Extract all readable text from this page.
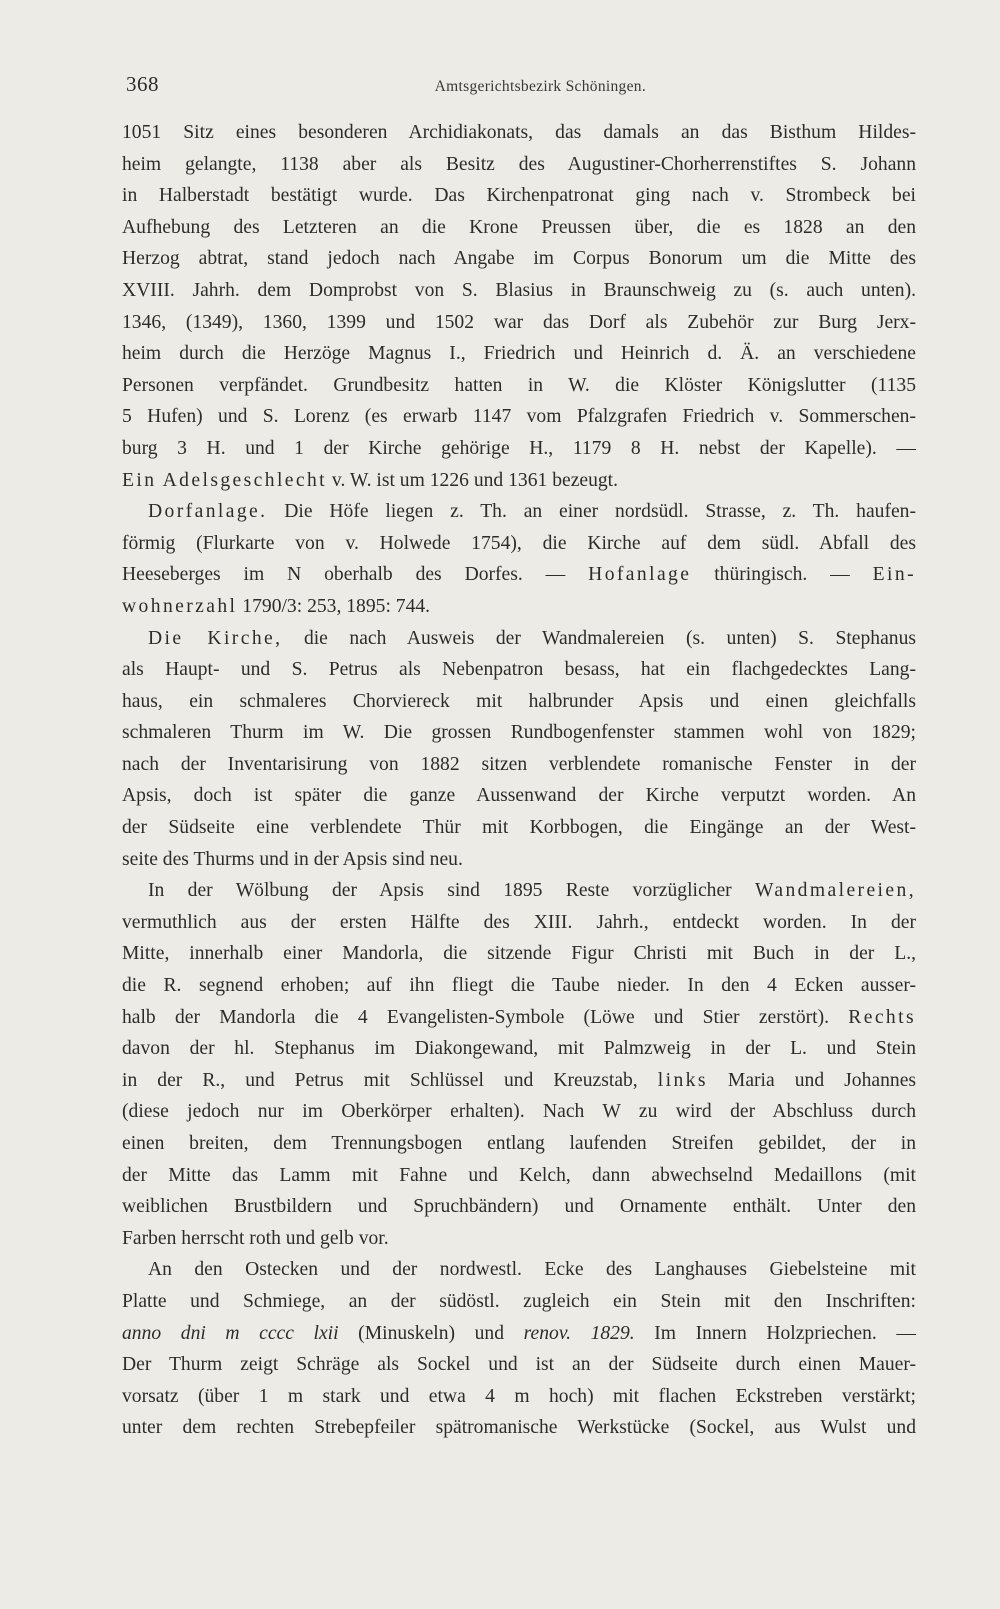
368	Amtsgerichtsbezirk Schöningen.

1051 Sitz eines besonderen Archidiakonats, das damals an das Bisthum Hildes-

heim gelangte, 1138 aber als Besitz des Augustiner-Chorherrenstiftes S. Johann

in Halberstadt bestätigt wurde. Das Kirchenpatronat ging nach v. Strombeck bei

Aufhebung des Letzteren an die Krone Preussen über, die es 1828 an den

Herzog abtrat, stand jedoch nach Angabe im Corpus Bonorum um die Mitte des

XVIII. Jahrh. dem Domprobst von S. Blasius in Braunschweig zu (s. auch unten).

1346, (1349), 1360, 1399 und 1502 war das Dorf als Zubehör zur Burg Jerx-

heim durch die Herzöge Magnus I., Friedrich und Heinrich d. Ä. an verschiedene

Personen verpfändet. Grundbesitz hatten in W. die Klöster Königslutter (1135

5 Hufen) und S. Lorenz (es erwarb 1147 vom Pfalzgrafen Friedrich v. Sommerschen-

burg 3 H. und 1 der Kirche gehörige H., 1179 8 H. nebst der Kapelle). —

Ein Adelsgeschlecht v. W. ist um 1226 und 1361 bezeugt.

Dorfanlage. Die Höfe liegen z. Th. an einer nordsüdl. Strasse, z. Th. haufen-

förmig (Flurkarte von v. Holwede 1754), die Kirche auf dem südl. Abfall des

Heeseberges im N oberhalb des Dorfes. — Hofanlage thüringisch. — Ein-

wohnerzahl 1790/3: 253, 1895: 744.

Die Kirche, die nach Ausweis der Wandmalereien (s. unten) S. Stephanus

als Haupt- und S. Petrus als Nebenpatron besass, hat ein flachgedecktes Lang-

haus, ein schmaleres Chorviereck mit halbrunder Apsis und einen gleichfalls

schmaleren Thurm im W. Die grossen Rundbogenfenster stammen wohl von 1829;

nach der Inventarisirung von 1882 sitzen verblendete romanische Fenster in der

Apsis, doch ist später die ganze Aussenwand der Kirche verputzt worden. An

der Südseite eine verblendete Thür mit Korbbogen, die Eingänge an der West-

seite des Thurms und in der Apsis sind neu.

In der Wölbung der Apsis sind 1895 Reste vorzüglicher Wandmalereien,

vermuthlich aus der ersten Hälfte des XIII. Jahrh., entdeckt worden. In der

Mitte, innerhalb einer Mandorla, die sitzende Figur Christi mit Buch in der L.,

die R. segnend erhoben; auf ihn fliegt die Taube nieder. In den 4 Ecken ausser-

halb der Mandorla die 4 Evangelisten-Symbole (Löwe und Stier zerstört). Rechts

davon der hl. Stephanus im Diakongewand, mit Palmzweig in der L. und Stein

in der R., und Petrus mit Schlüssel und Kreuzstab, links Maria und Johannes

(diese jedoch nur im Oberkörper erhalten). Nach W zu wird der Abschluss durch

einen breiten, dem Trennungsbogen entlang laufenden Streifen gebildet, der in

der Mitte das Lamm mit Fahne und Kelch, dann abwechselnd Medaillons (mit

weiblichen Brustbildern und Spruchbändern) und Ornamente enthält. Unter den

Farben herrscht roth und gelb vor.

An den Ostecken und der nordwestl. Ecke des Langhauses Giebelsteine mit

Platte und Schmiege, an der südöstl. zugleich ein Stein mit den Inschriften:

anno dni m cccc lxii (Minuskeln) und renov. 1829. Im Innern Holzpriechen. —

Der Thurm zeigt Schräge als Sockel und ist an der Südseite durch einen Mauer-

vorsatz (über 1 m stark und etwa 4 m hoch) mit flachen Eckstreben verstärkt;

unter dem rechten Strebepfeiler spätromanische Werkstücke (Sockel, aus Wulst und
